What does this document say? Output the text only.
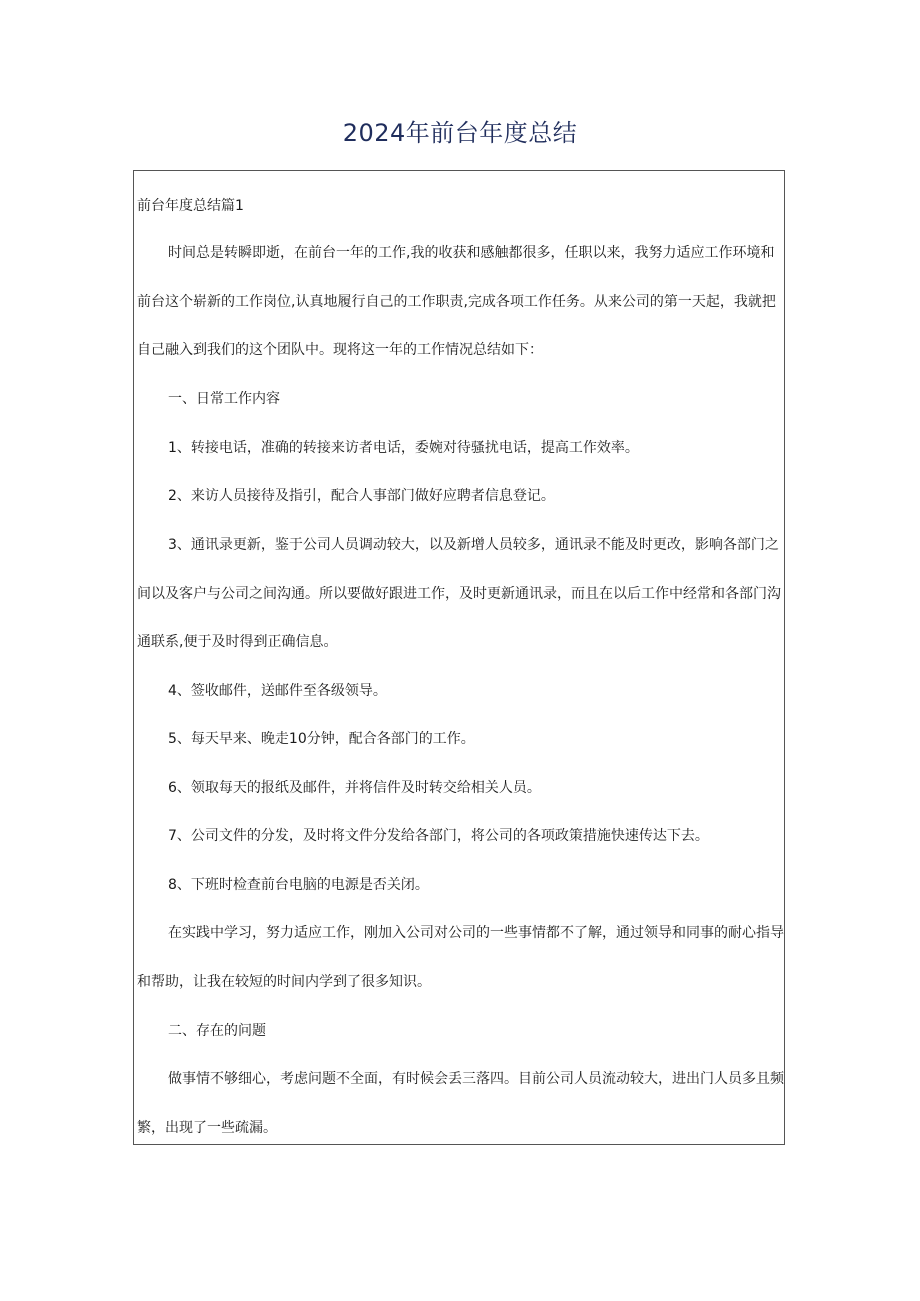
2024年前台年度总结
前台年度总结篇1

时间总是转瞬即逝，在前台一年的工作,我的收获和感触都很多，任职以来，我努力适应工作环境和前台这个崭新的工作岗位,认真地履行自己的工作职责,完成各项工作任务。从来公司的第一天起，我就把自己融入到我们的这个团队中。现将这一年的工作情况总结如下：

一、日常工作内容

1、转接电话，准确的转接来访者电话，委婉对待骚扰电话，提高工作效率。

2、来访人员接待及指引，配合人事部门做好应聘者信息登记。

3、通讯录更新，鉴于公司人员调动较大，以及新增人员较多，通讯录不能及时更改，影响各部门之间以及客户与公司之间沟通。所以要做好跟进工作，及时更新通讯录，而且在以后工作中经常和各部门沟通联系,便于及时得到正确信息。

4、签收邮件，送邮件至各级领导。

5、每天早来、晚走10分钟，配合各部门的工作。

6、领取每天的报纸及邮件，并将信件及时转交给相关人员。

7、公司文件的分发，及时将文件分发给各部门，将公司的各项政策措施快速传达下去。

8、下班时检查前台电脑的电源是否关闭。

在实践中学习，努力适应工作，刚加入公司对公司的一些事情都不了解，通过领导和同事的耐心指导和帮助，让我在较短的时间内学到了很多知识。

二、存在的问题

做事情不够细心，考虑问题不全面，有时候会丢三落四。目前公司人员流动较大，进出门人员多且频繁，出现了一些疏漏。
